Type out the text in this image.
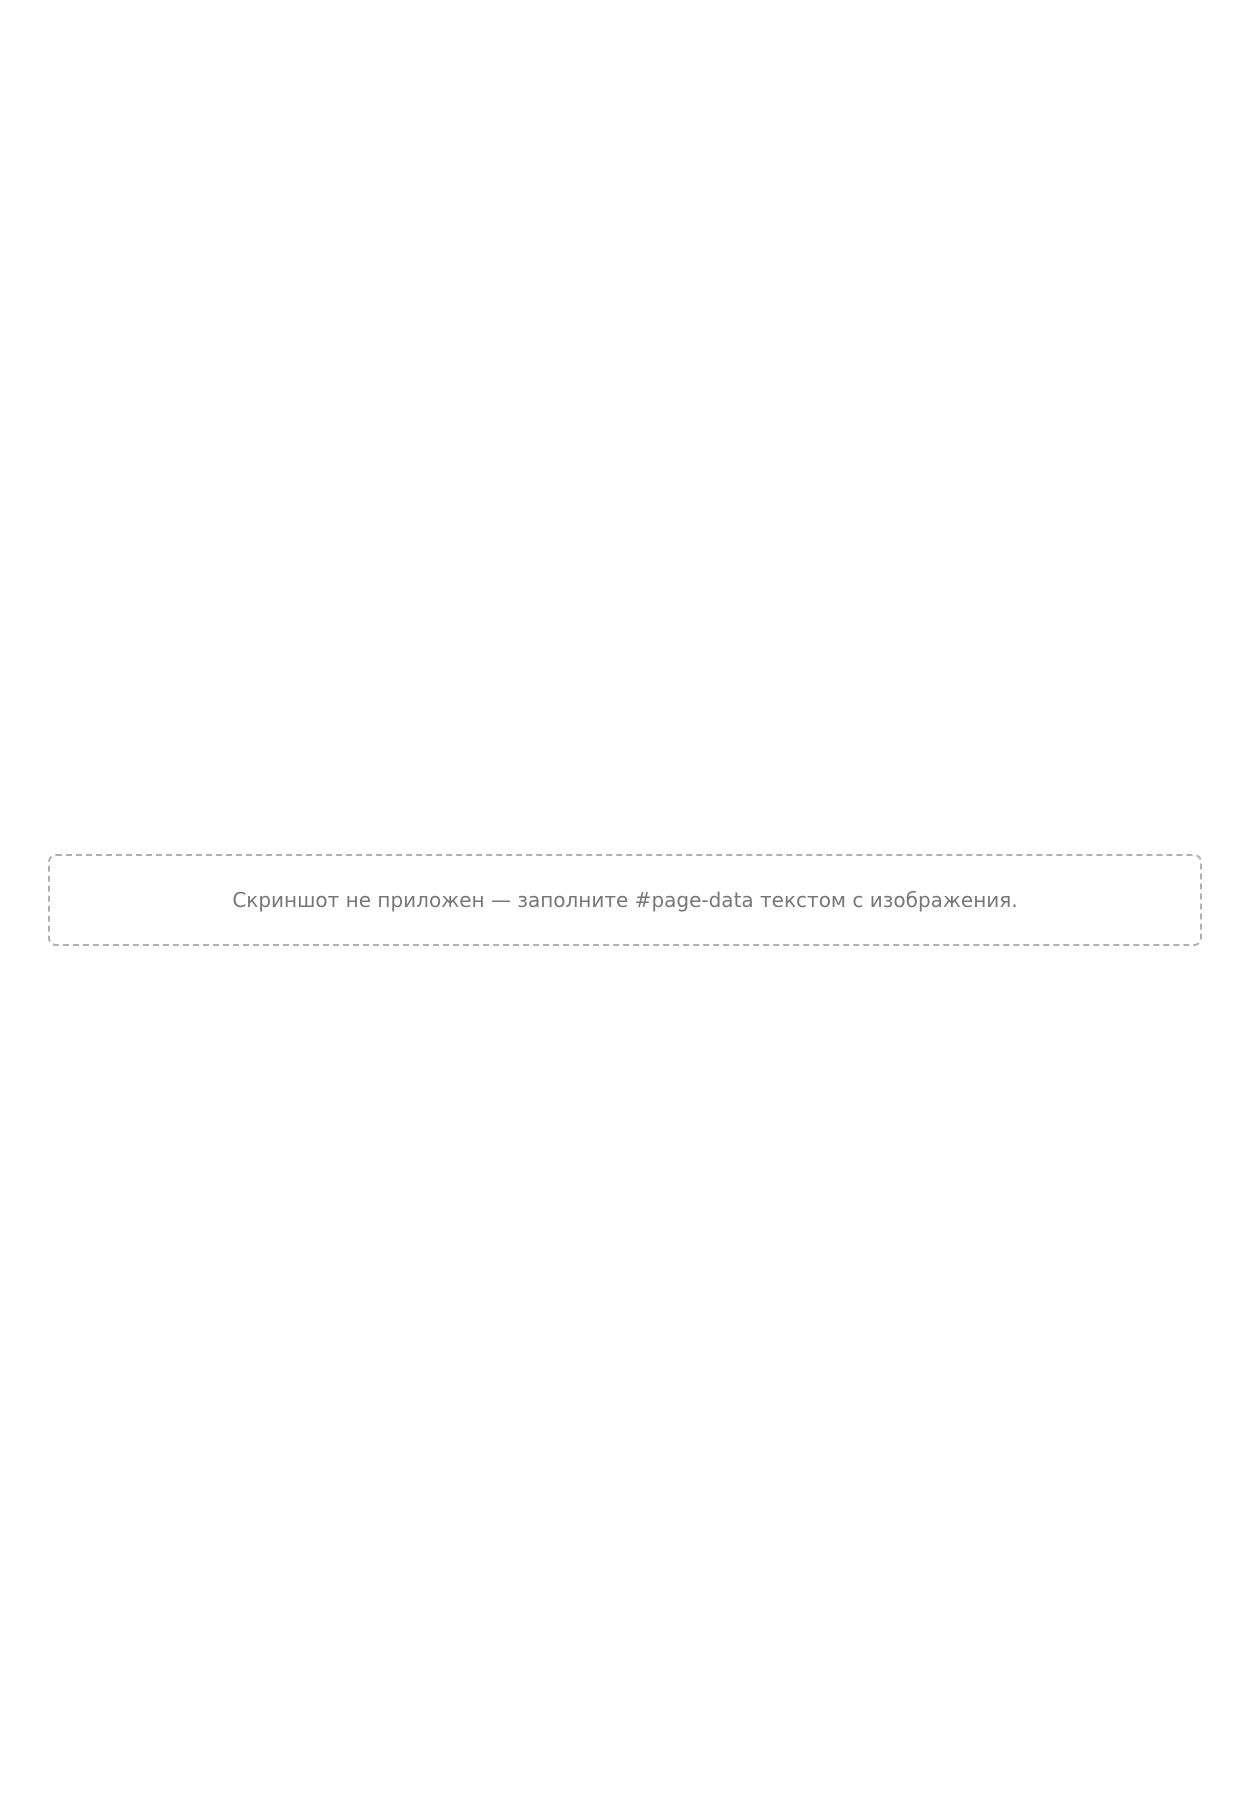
Скриншот не приложен — заполните #page-data текстом с изображения.
